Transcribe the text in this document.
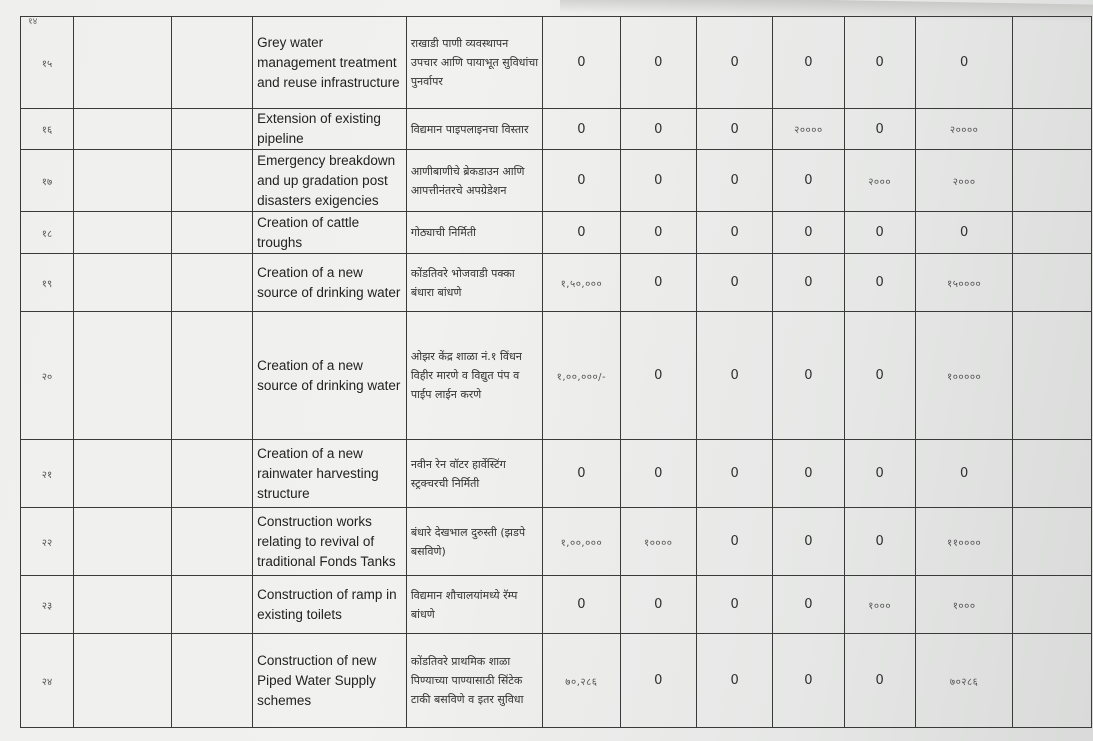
१४
१५			Grey water management treatment and reuse infrastructure	राखाडी पाणी व्यवस्थापन उपचार आणि पायाभूत सुविधांचा पुनर्वापर	0	0	0	0	0	0	
१६			Extension of existing pipeline	विद्यमान पाइपलाइनचा विस्तार	0	0	0	२००००	0	२००००	
१७			Emergency breakdown and up gradation post disasters exigencies	आणीबाणीचे ब्रेकडाउन आणि आपत्तीनंतरचे अपग्रेडेशन	0	0	0	0	२०००	२०००	
१८			Creation of cattle troughs	गोठ्याची निर्मिती	0	0	0	0	0	0	
१९			Creation of a new source of drinking water	कोंडतिवरे भोजवाडी पक्का बंधारा बांधणे	१,५०,०००	0	0	0	0	१५००००	
२०			Creation of a new source of drinking water	ओझर केंद्र शाळा नं.१ विंधन विहीर मारणे व विद्युत पंप व पाईप लाईन करणे	१,००,०००/-	0	0	0	0	१०००००	
२१			Creation of a new rainwater harvesting structure	नवीन रेन वॉटर हार्वेस्टिंग स्ट्रक्चरची निर्मिती	0	0	0	0	0	0	
२२			Construction works relating to revival of traditional Fonds Tanks	बंधारे देखभाल दुरुस्ती (झडपे बसविणे)	१,००,०००	१००००	0	0	0	११००००	
२३			Construction of ramp in existing toilets	विद्यमान शौचालयांमध्ये रॅम्प बांधणे	0	0	0	0	१०००	१०००	
२४			Construction of new Piped Water Supply schemes	कोंडतिवरे प्राथमिक शाळा पिण्याच्या पाण्यासाठी सिंटेक टाकी बसविणे व इतर सुविधा	७०,२८६	0	0	0	0	७०२८६	
